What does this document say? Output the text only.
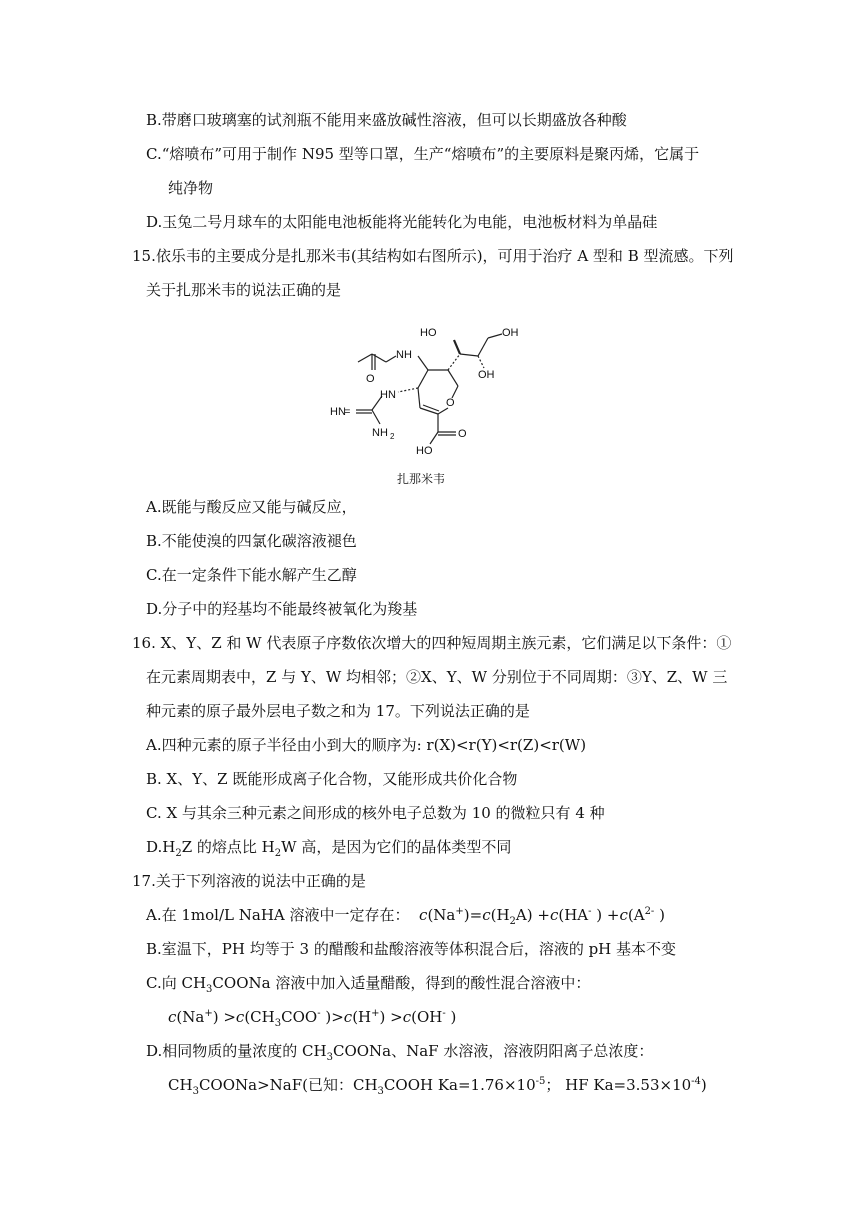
B.带磨口玻璃塞的试剂瓶不能用来盛放碱性溶液，但可以长期盛放各种酸
C.“熔喷布”可用于制作 N95 型等口罩，生产“熔喷布”的主要原料是聚丙烯，它属于
纯净物
D.玉兔二号月球车的太阳能电池板能将光能转化为电能，电池板材料为单晶硅
15.依乐韦的主要成分是扎那米韦(其结构如右图所示)，可用于治疗 A 型和 B 型流感。下列
关于扎那米韦的说法正确的是
NH
O
O
HN
HN
=
NH 2	O
HO
HO	OH
OH
扎那米韦
A.既能与酸反应又能与碱反应，
B.不能使溴的四氯化碳溶液褪色
C.在一定条件下能水解产生乙醇
D.分子中的羟基均不能最终被氧化为羧基
16. X、Y、Z 和 W 代表原子序数依次增大的四种短周期主族元素，它们满足以下条件：①
在元素周期表中，Z 与 Y、W 均相邻；②X、Y、W 分别位于不同周期：③Y、Z、W 三
种元素的原子最外层电子数之和为 17。下列说法正确的是
A.四种元素的原子半径由小到大的顺序为: r(X)<r(Y)<r(Z)<r(W)
B. X、Y、Z 既能形成离子化合物，又能形成共价化合物
C. X 与其余三种元素之间形成的核外电子总数为 10 的微粒只有 4 种
$D.H_2Z$ 的熔点比 $H_2W$ 高，是因为它们的晶体类型不同
17.关于下列溶液的说法中正确的是
A.在 1mol/L NaHA 溶液中一定存在： $c(Na^+)=c(H_2A) +c(HA^-$ ) $+c(A^{2-}$ )
B.室温下，PH 均等于 3 的醋酸和盐酸溶液等体积混合后，溶液的 pH 基本不变
C.向 $CH_3COONa$ 溶液中加入适量醋酸，得到的酸性混合溶液中：
$c(Na^+) >c(CH_3COO^-$ )>c(H+) >c(OH- )
D.相同物质的量浓度的 $CH_3COONa$、NaF 水溶液，溶液阴阳离子总浓度：
$CH_3COONa>NaF$(已知：$CH_3COOH$ $Ka=1.76\times 10^{-5}$； HF $Ka=3.53\times 10^{-4}$)
